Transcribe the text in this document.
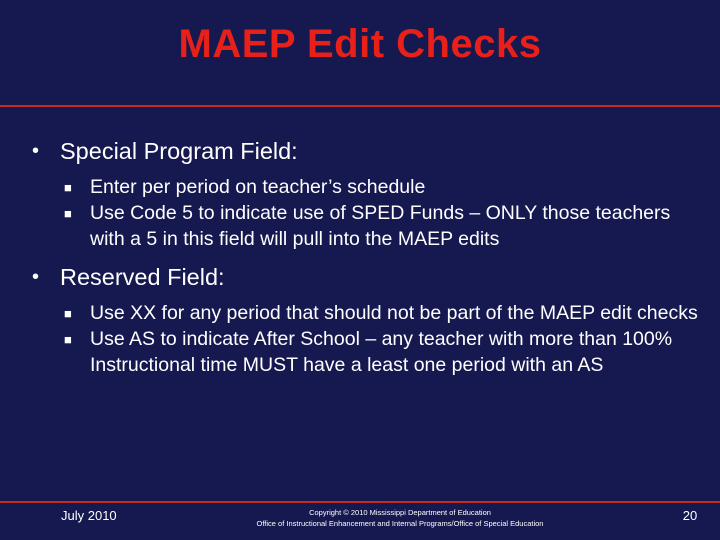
MAEP Edit Checks
• Special Program Field:
■ Enter per period on teacher’s schedule
■ Use Code 5 to indicate use of SPED Funds – ONLY those teachers with a 5 in this field will pull into the MAEP edits
• Reserved Field:
■ Use XX for any period that should not be part of the MAEP edit checks
■ Use AS to indicate After School – any teacher with more than 100% Instructional time MUST have a least one period with an AS
July 2010	Copyright © 2010 Mississippi Department of Education
Office of Instructional Enhancement and Internal Programs/Office of Special Education
20
